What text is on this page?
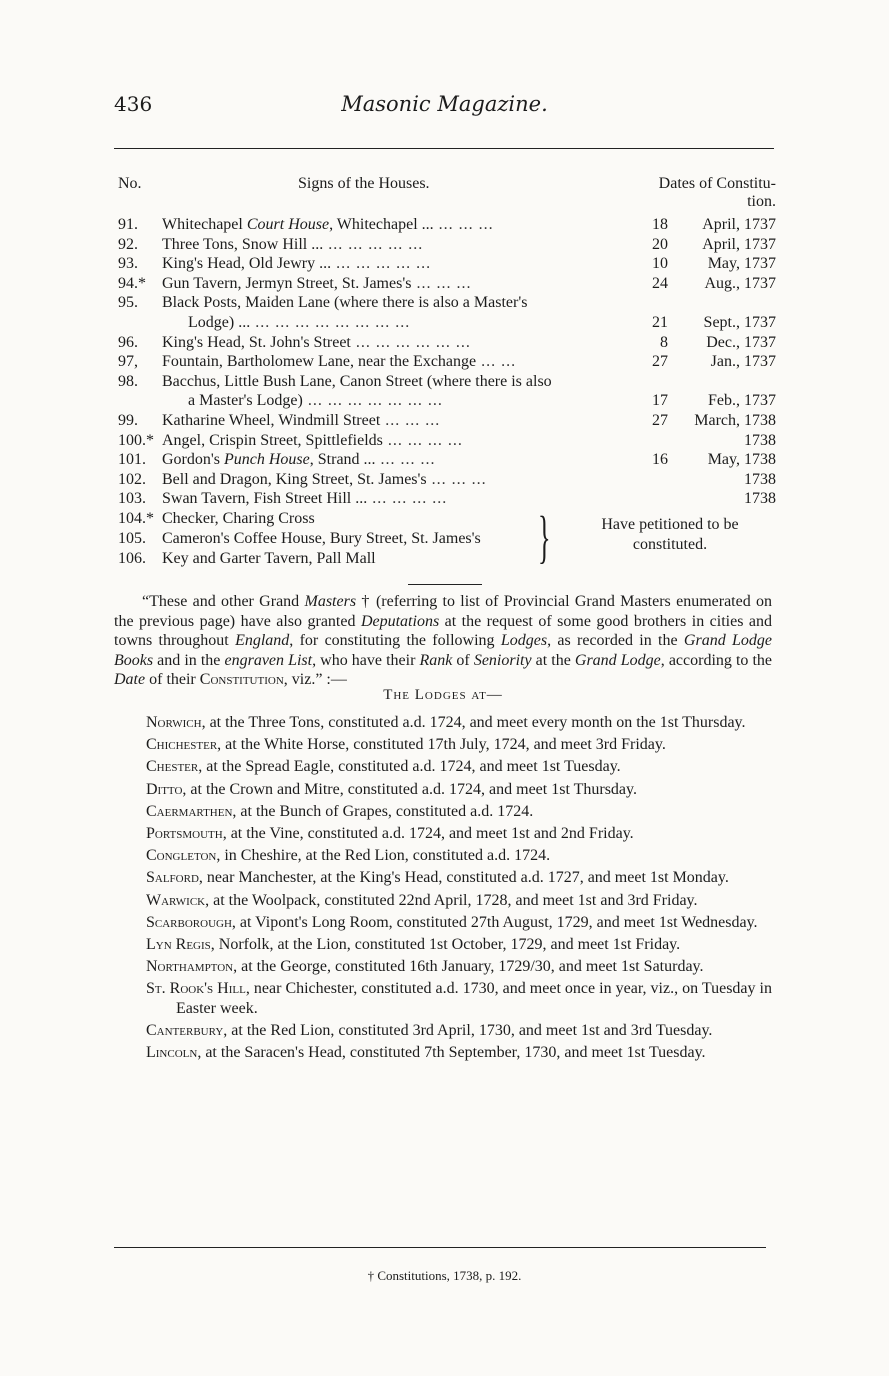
436	Masonic Magazine.
No.	Signs of the Houses.	Dates of Constitu-
tion.
91.	Whitechapel Court House, Whitechapel ... ... ... ...	18 April, 1737
92.	Three Tons, Snow Hill ... ... ... ... ... ...	20 April, 1737
93.	King's Head, Old Jewry ... ... ... ... ... ...	10 May, 1737
94.*	Gun Tavern, Jermyn Street, St. James's ... ... ...	24 Aug., 1737
95.	Black Posts, Maiden Lane (where there is also a Master's
Lodge) ... ... ... ... ... ... ... ... ...	21 Sept., 1737
96.	King's Head, St. John's Street ... ... ... ... ... ...	8 Dec., 1737
97,	Fountain, Bartholomew Lane, near the Exchange ... ...	27	Jan., 1737
98.	Bacchus, Little Bush Lane, Canon Street (where there is also
a Master's Lodge) ... ... ... ... ... ... ...	17	Feb., 1737
99.	Katharine Wheel, Windmill Street ... ... ...	27 March, 1738
100.* Angel, Crispin Street, Spittlefields ... ... ... ...	1738
101.	Gordon's Punch House, Strand ... ... ... ...	16 May, 1738
102.	Bell and Dragon, King Street, St. James's ... ... ...	1738
103.	Swan Tavern, Fish Street Hill ... ... ... ... ...	1738
104.* Checker, Charing Cross
105.	Cameron's Coffee House, Bury Street, St. James's
106.	Key and Garter Tavern, Pall Mall	}	Have petitioned to be
constituted.

“These and other Grand Masters † (referring to list of Provincial Grand Masters enumerated on the previous page) have also granted Deputations at the request of some good brothers in cities and towns throughout England, for constituting the following Lodges, as recorded in the Grand Lodge Books and in the engraven List, who have their Rank of Seniority at the Grand Lodge, according to the Date of their Constitution, viz.” :—

The Lodges at—

Norwich, at the Three Tons, constituted a.d. 1724, and meet every month on the 1st Thursday.

Chichester, at the White Horse, constituted 17th July, 1724, and meet 3rd Friday.

Chester, at the Spread Eagle, constituted a.d. 1724, and meet 1st Tuesday.

Ditto, at the Crown and Mitre, constituted a.d. 1724, and meet 1st Thursday.

Caermarthen, at the Bunch of Grapes, constituted a.d. 1724.

Portsmouth, at the Vine, constituted a.d. 1724, and meet 1st and 2nd Friday.

Congleton, in Cheshire, at the Red Lion, constituted a.d. 1724.

Salford, near Manchester, at the King's Head, constituted a.d. 1727, and meet 1st Monday.

Warwick, at the Woolpack, constituted 22nd April, 1728, and meet 1st and 3rd Friday.

Scarborough, at Vipont's Long Room, constituted 27th August, 1729, and meet 1st Wednesday.

Lyn Regis, Norfolk, at the Lion, constituted 1st October, 1729, and meet 1st Friday.

Northampton, at the George, constituted 16th January, 1729/30, and meet 1st Saturday.

St. Rook's Hill, near Chichester, constituted a.d. 1730, and meet once in year, viz., on Tuesday in Easter week.

Canterbury, at the Red Lion, constituted 3rd April, 1730, and meet 1st and 3rd Tuesday.

Lincoln, at the Saracen's Head, constituted 7th September, 1730, and meet 1st Tuesday.

† Constitutions, 1738, p. 192.
